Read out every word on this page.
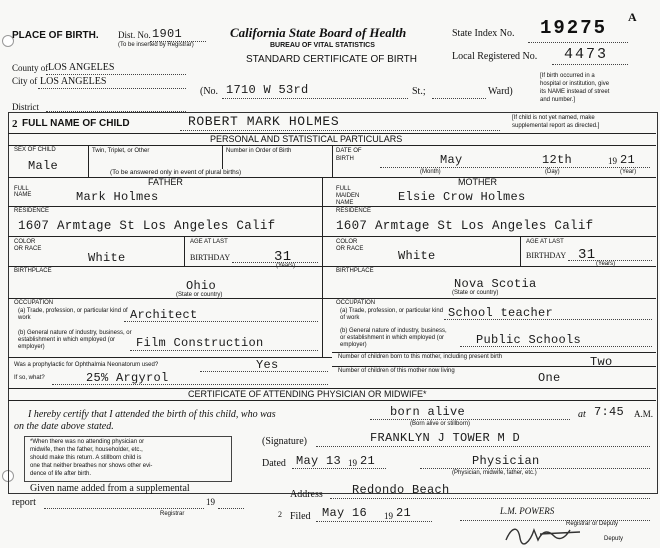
PLACE OF BIRTH. Dist. No. 1901
(To be inserted by Registrar)
California State Board of Health
BUREAU OF VITAL STATISTICS
STANDARD CERTIFICATE OF BIRTH
State Index No. 19275 A
Local Registered No. 4473
County of LOS ANGELES
City of LOS ANGELES
(No. 1710 W 53rd	St.;	Ward)
[If birth occurred in a
hospital or institution, give
its NAME instead of street
and number.]
District
2 FULL NAME OF CHILD	ROBERT MARK HOLMES	[If child is not yet named, make
supplemental report as directed.]
PERSONAL AND STATISTICAL PARTICULARS
SEX OF CHILD
Male
Twin, Triplet, or Other	Number in Order of Birth
(To be answered only in event of plural births)
DATE OF BIRTH	May	12th	19 21
(Month)	(Day)	(Year)
FATHER	MOTHER
FULL
NAME	Mark Holmes
FULL
MAIDEN
NAME	Elsie Crow Holmes
RESIDENCE
1607 Armtage St Los Angeles Calif
RESIDENCE
1607 Armtage St Los Angeles Calif
COLOR
OR RACE
White
AGE AT LAST
BIRTHDAY	31
(Years)
COLOR
OR RACE	White
AGE AT LAST
BIRTHDAY 31
(Years)
BIRTHPLACE
Ohio
(State or country)
BIRTHPLACE
Nova Scotia
(State or country)
OCCUPATION
(a) Trade, profession, or particular kind of work	Architect
(b) General nature of industry, business, or establishment in which employed (or employer)	Film Construction
OCCUPATION
(a) Trade, profession, or particular kind of work	School teacher
(b) General nature of industry, business, or establishment in which employed (or employer)	Public Schools
Number of children born to this mother, including present birth	Two
Number of children of this mother now living	One
Was a prophylactic for Ophthalmia Neonatorum used?	Yes
If so, what?	25% Argyrol
CERTIFICATE OF ATTENDING PHYSICIAN OR MIDWIFE*
I hereby certify that I attended the birth of this child, who was
on the date above stated.
born alive
(Born alive or stillborn)
at 7:45 A.M.
*When there was no attending physician or
midwife, then the father, householder, etc.,
should make this return. A stillborn child is
one that neither breathes nor shows other evi-
dence of life after birth.
(Signature)	FRANKLYN J TOWER M D
Dated May 13 19 21	Physician
(Physician, midwife, father, etc.)
Given name added from a supplemental
report	19
Registrar
Address Redondo Beach
2 Filed May 16 19 21	L.M. POWERS
Registrar or Deputy
Deputy
